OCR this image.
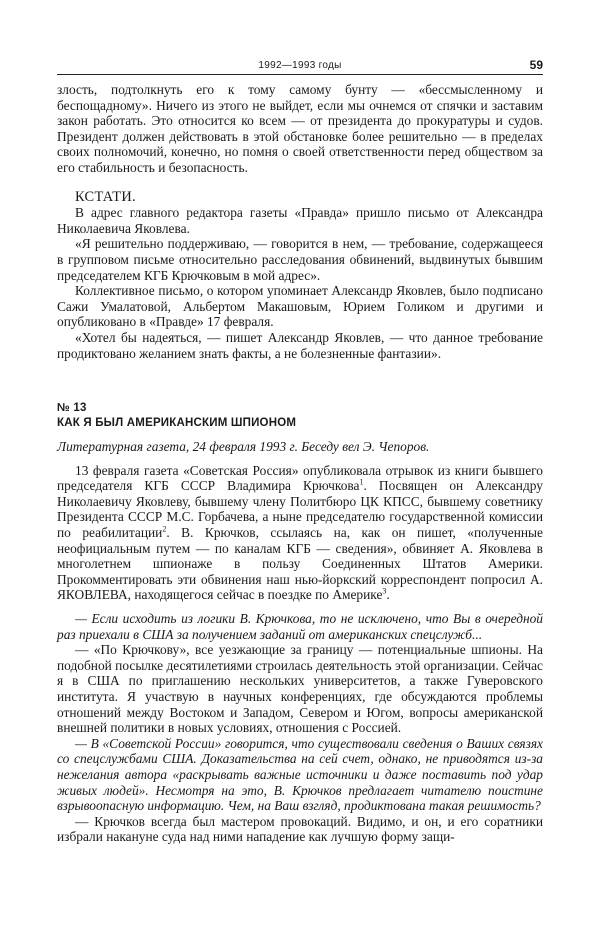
1992—1993 годы	59

злость, подтолкнуть его к тому самому бунту — «бессмысленному и беспощадному». Ничего из этого не выйдет, если мы очнемся от спячки и заставим закон работать. Это относится ко всем — от президента до прокуратуры и судов. Президент должен действовать в этой обстановке более решительно — в пределах своих полномочий, конечно, но помня о своей ответственности перед обществом за его стабильность и безопасность.

КСТАТИ.

В адрес главного редактора газеты «Правда» пришло письмо от Александра Николаевича Яковлева.

«Я решительно поддерживаю, — говорится в нем, — требование, содержащееся в групповом письме относительно расследования обвинений, выдвинутых бывшим председателем КГБ Крючковым в мой адрес».

Коллективное письмо, о котором упоминает Александр Яковлев, было подписано Сажи Умалатовой, Альбертом Макашовым, Юрием Голиком и другими и опубликовано в «Правде» 17 февраля.

«Хотел бы надеяться, — пишет Александр Яковлев, — что данное требование продиктовано желанием знать факты, а не болезненные фантазии».

№ 13
КАК Я БЫЛ АМЕРИКАНСКИМ ШПИОНОМ

Литературная газета, 24 февраля 1993 г. Беседу вел Э. Чепоров.

13 февраля газета «Советская Россия» опубликовала отрывок из книги бывшего председателя КГБ СССР Владимира Крючкова$^1$. Посвящен он Александру Николаевичу Яковлеву, бывшему члену Политбюро ЦК КПСС, бывшему советнику Президента СССР М.С. Горбачева, а ныне председателю государственной комиссии по реабилитации$^2$. В. Крючков, ссылаясь на, как он пишет, «полученные неофициальным путем — по каналам КГБ — сведения», обвиняет А. Яковлева в многолетнем шпионаже в пользу Соединенных Штатов Америки. Прокомментировать эти обвинения наш нью-йоркский корреспондент попросил А. ЯКОВЛЕВА, находящегося сейчас в поездке по Америке$^3$.

— Если исходить из логики В. Крючкова, то не исключено, что Вы в очередной раз приехали в США за получением заданий от американских спецслужб...

— «По Крючкову», все уезжающие за границу — потенциальные шпионы. На подобной посылке десятилетиями строилась деятельность этой организации. Сейчас я в США по приглашению нескольких университетов, а также Гуверовского института. Я участвую в научных конференциях, где обсуждаются проблемы отношений между Востоком и Западом, Севером и Югом, вопросы американской внешней политики в новых условиях, отношения с Россией.

— В «Советской России» говорится, что существовали сведения о Ваших связях со спецслужбами США. Доказательства на сей счет, однако, не приводятся из-за нежелания автора «раскрывать важные источники и даже поставить под удар живых людей». Несмотря на это, В. Крючков предлагает читателю поистине взрывоопасную информацию. Чем, на Ваш взгляд, продиктована такая решимость?

— Крючков всегда был мастером провокаций. Видимо, и он, и его соратники избрали накануне суда над ними нападение как лучшую форму защи-
